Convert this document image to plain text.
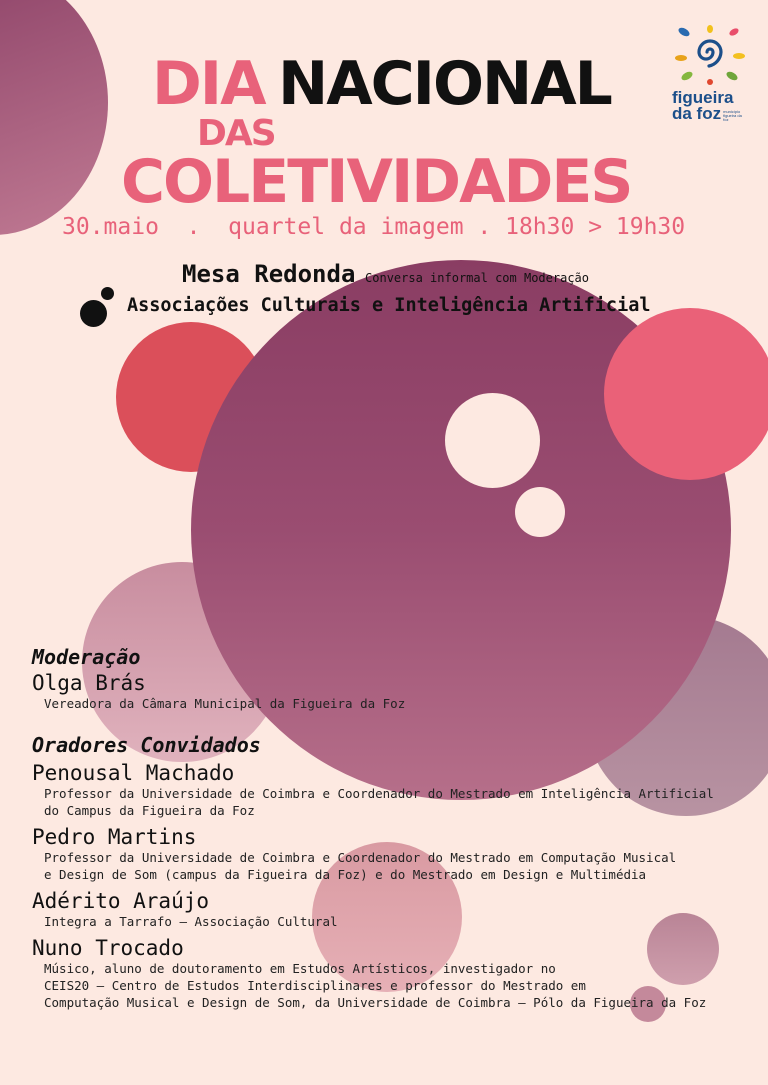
DIA NACIONAL
DAS
COLETIVIDADES
30.maio  .  quartel da imagem . 18h30 > 19h30
Mesa Redonda Conversa informal com Moderação
Associações Culturais e Inteligência Artificial
figueira
da foz município figueira da foz
Moderação
Olga Brás
Vereadora da Câmara Municipal da Figueira da Foz
Oradores Convidados
Penousal Machado
Professor da Universidade de Coimbra e Coordenador do Mestrado em Inteligência Artificial
do Campus da Figueira da Foz
Pedro Martins
Professor da Universidade de Coimbra e Coordenador do Mestrado em Computação Musical
e Design de Som (campus da Figueira da Foz) e do Mestrado em Design e Multimédia
Adérito Araújo
Integra a Tarrafo – Associação Cultural
Nuno Trocado
Músico, aluno de doutoramento em Estudos Artísticos, investigador no
CEIS20 – Centro de Estudos Interdisciplinares e professor do Mestrado em
Computação Musical e Design de Som, da Universidade de Coimbra – Pólo da Figueira da Foz
